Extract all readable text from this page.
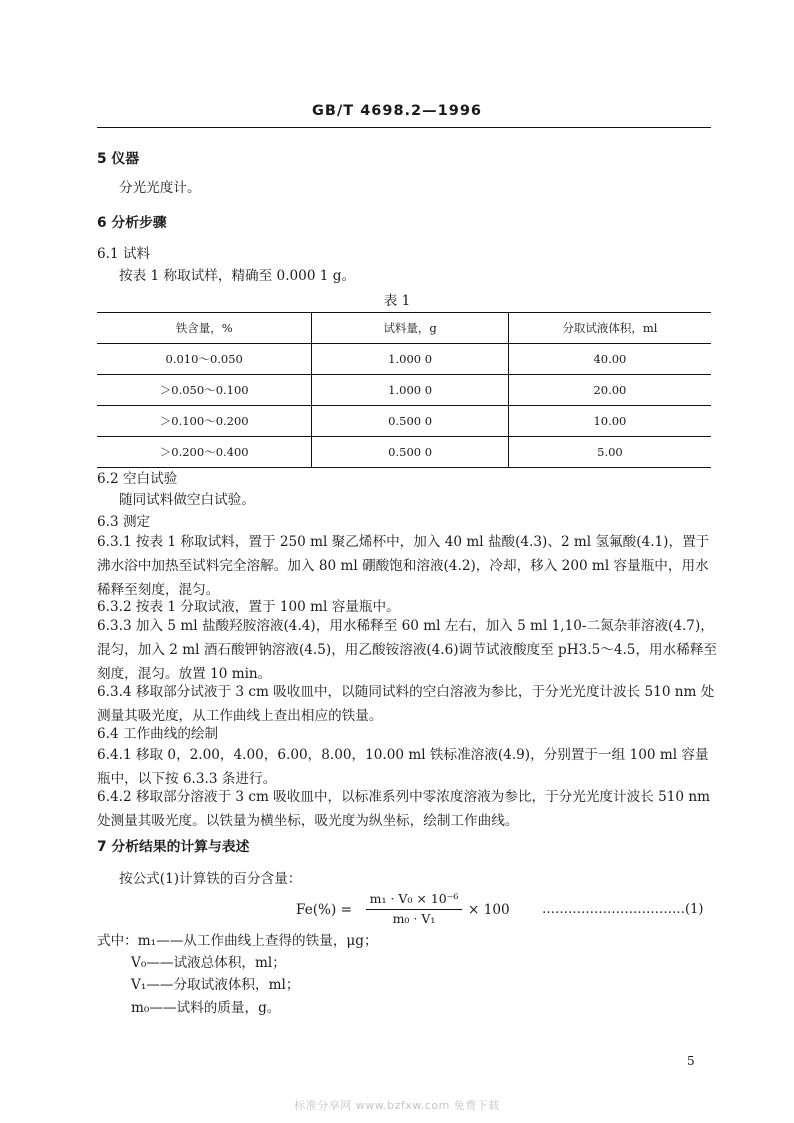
GB/T 4698.2—1996
5 仪器
分光光度计。
6 分析步骤
6.1 试料
按表 1 称取试样，精确至 0.000 1 g。
表 1
铁含量，%	试料量，g	分取试液体积，ml
0.010～0.050	1.000 0	40.00
＞0.050～0.100	1.000 0	20.00
＞0.100～0.200	0.500 0	10.00
＞0.200～0.400	0.500 0	5.00
6.2 空白试验
随同试料做空白试验。
6.3 测定
6.3.1 按表 1 称取试料，置于 250 ml 聚乙烯杯中，加入 40 ml 盐酸(4.3)、2 ml 氢氟酸(4.1)，置于沸水浴中加热至试料完全溶解。加入 80 ml 硼酸饱和溶液(4.2)，冷却，移入 200 ml 容量瓶中，用水稀释至刻度，混匀。
6.3.2 按表 1 分取试液，置于 100 ml 容量瓶中。
6.3.3 加入 5 ml 盐酸羟胺溶液(4.4)，用水稀释至 60 ml 左右，加入 5 ml 1,10-二氮杂菲溶液(4.7)，混匀，加入 2 ml 酒石酸钾钠溶液(4.5)，用乙酸铵溶液(4.6)调节试液酸度至 pH3.5～4.5，用水稀释至刻度，混匀。放置 10 min。
6.3.4 移取部分试液于 3 cm 吸收皿中，以随同试料的空白溶液为参比，于分光光度计波长 510 nm 处测量其吸光度，从工作曲线上查出相应的铁量。
6.4 工作曲线的绘制
6.4.1 移取 0，2.00，4.00，6.00，8.00，10.00 ml 铁标准溶液(4.9)，分别置于一组 100 ml 容量瓶中，以下按 6.3.3 条进行。
6.4.2 移取部分溶液于 3 cm 吸收皿中，以标准系列中零浓度溶液为参比，于分光光度计波长 510 nm 处测量其吸光度。以铁量为横坐标，吸光度为纵坐标，绘制工作曲线。
7 分析结果的计算与表述
按公式(1)计算铁的百分含量：
$Fe(\%) = \frac{\text{m₁ · V₀ × 10⁻⁶}}{\text{m₀ · V₁}} \times 100$ ……………………………(1)
式中：m₁——从工作曲线上查得的铁量，μg；
V₀——试液总体积，ml；
V₁——分取试液体积，ml；
m₀——试料的质量，g。
5
标准分享网 www.bzfxw.com 免费下载
